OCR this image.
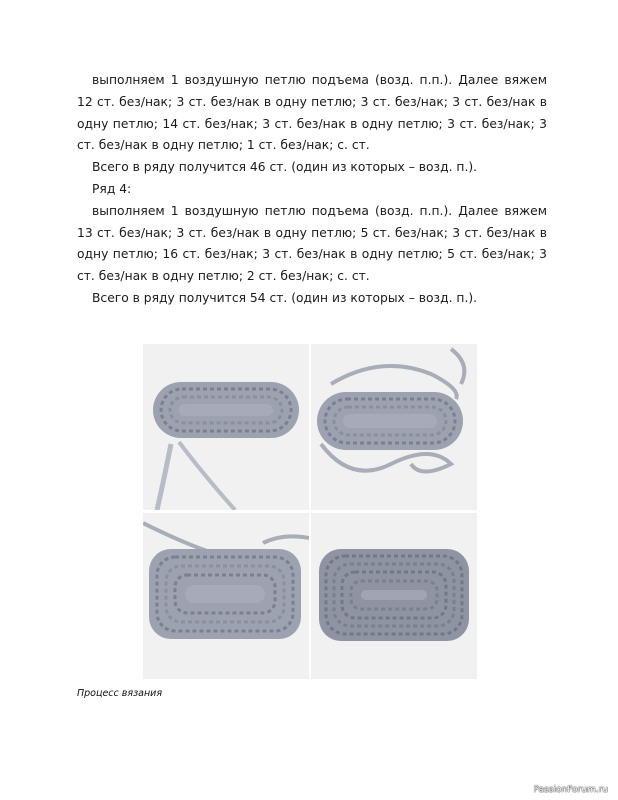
выполняем 1 воздушную петлю подъема (возд. п.п.). Далее вяжем 12 ст. без/нак; 3 ст. без/нак в одну петлю; 3 ст. без/нак; 3 ст. без/нак в одну петлю; 14 ст. без/нак; 3 ст. без/нак в одну петлю; 3 ст. без/нак; 3 ст. без/нак в одну петлю; 1 ст. без/нак; с. ст.

Всего в ряду получится 46 ст. (один из которых – возд. п.).

Ряд 4:

выполняем 1 воздушную петлю подъема (возд. п.п.). Далее вяжем 13 ст. без/нак; 3 ст. без/нак в одну петлю; 5 ст. без/нак; 3 ст. без/нак в одну петлю; 16 ст. без/нак; 3 ст. без/нак в одну петлю; 5 ст. без/нак; 3 ст. без/нак в одну петлю; 2 ст. без/нак; с. ст.

Всего в ряду получится 54 ст. (один из которых – возд. п.).

Процесс вязания
PassionForum.ru
